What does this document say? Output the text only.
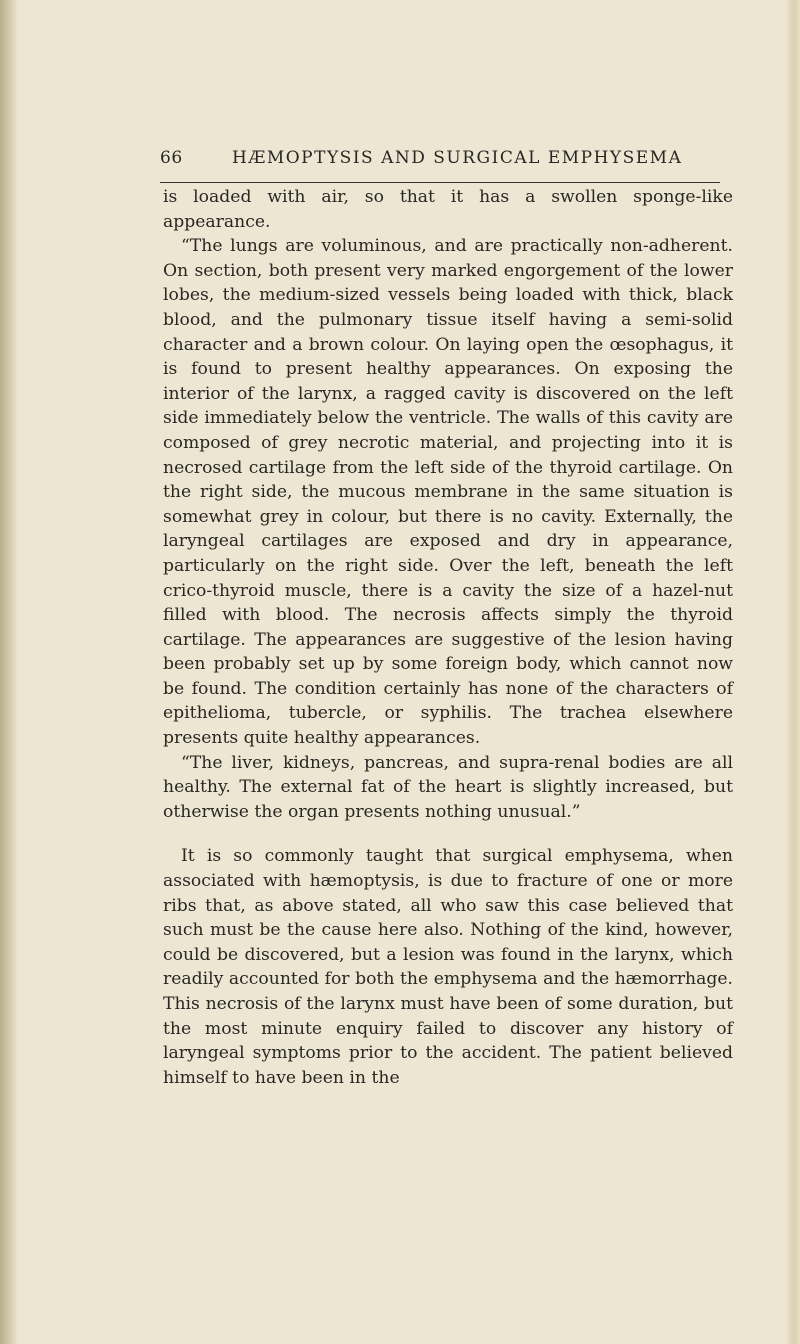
66	HÆMOPTYSIS AND SURGICAL EMPHYSEMA

is loaded with air, so that it has a swollen sponge-like appearance.

“The lungs are voluminous, and are practically non-adherent. On section, both present very marked engorgement of the lower lobes, the medium-sized vessels being loaded with thick, black blood, and the pulmonary tissue itself having a semi-solid character and a brown colour. On laying open the œsophagus, it is found to present healthy appearances. On exposing the interior of the larynx, a ragged cavity is discovered on the left side immediately below the ventricle. The walls of this cavity are composed of grey necrotic material, and projecting into it is necrosed cartilage from the left side of the thyroid cartilage. On the right side, the mucous membrane in the same situation is somewhat grey in colour, but there is no cavity. Externally, the laryngeal cartilages are exposed and dry in appearance, particularly on the right side. Over the left, beneath the left crico-thyroid muscle, there is a cavity the size of a hazel-nut filled with blood. The necrosis affects simply the thyroid cartilage. The appearances are suggestive of the lesion having been probably set up by some foreign body, which cannot now be found. The condition certainly has none of the characters of epithelioma, tubercle, or syphilis. The trachea elsewhere presents quite healthy appearances.

“The liver, kidneys, pancreas, and supra-renal bodies are all healthy. The external fat of the heart is slightly increased, but otherwise the organ presents nothing unusual.”

It is so commonly taught that surgical emphysema, when associated with hæmoptysis, is due to fracture of one or more ribs that, as above stated, all who saw this case believed that such must be the cause here also. Nothing of the kind, however, could be discovered, but a lesion was found in the larynx, which readily accounted for both the emphysema and the hæmorrhage. This necrosis of the larynx must have been of some duration, but the most minute enquiry failed to discover any history of laryngeal symptoms prior to the accident. The patient believed himself to have been in the
